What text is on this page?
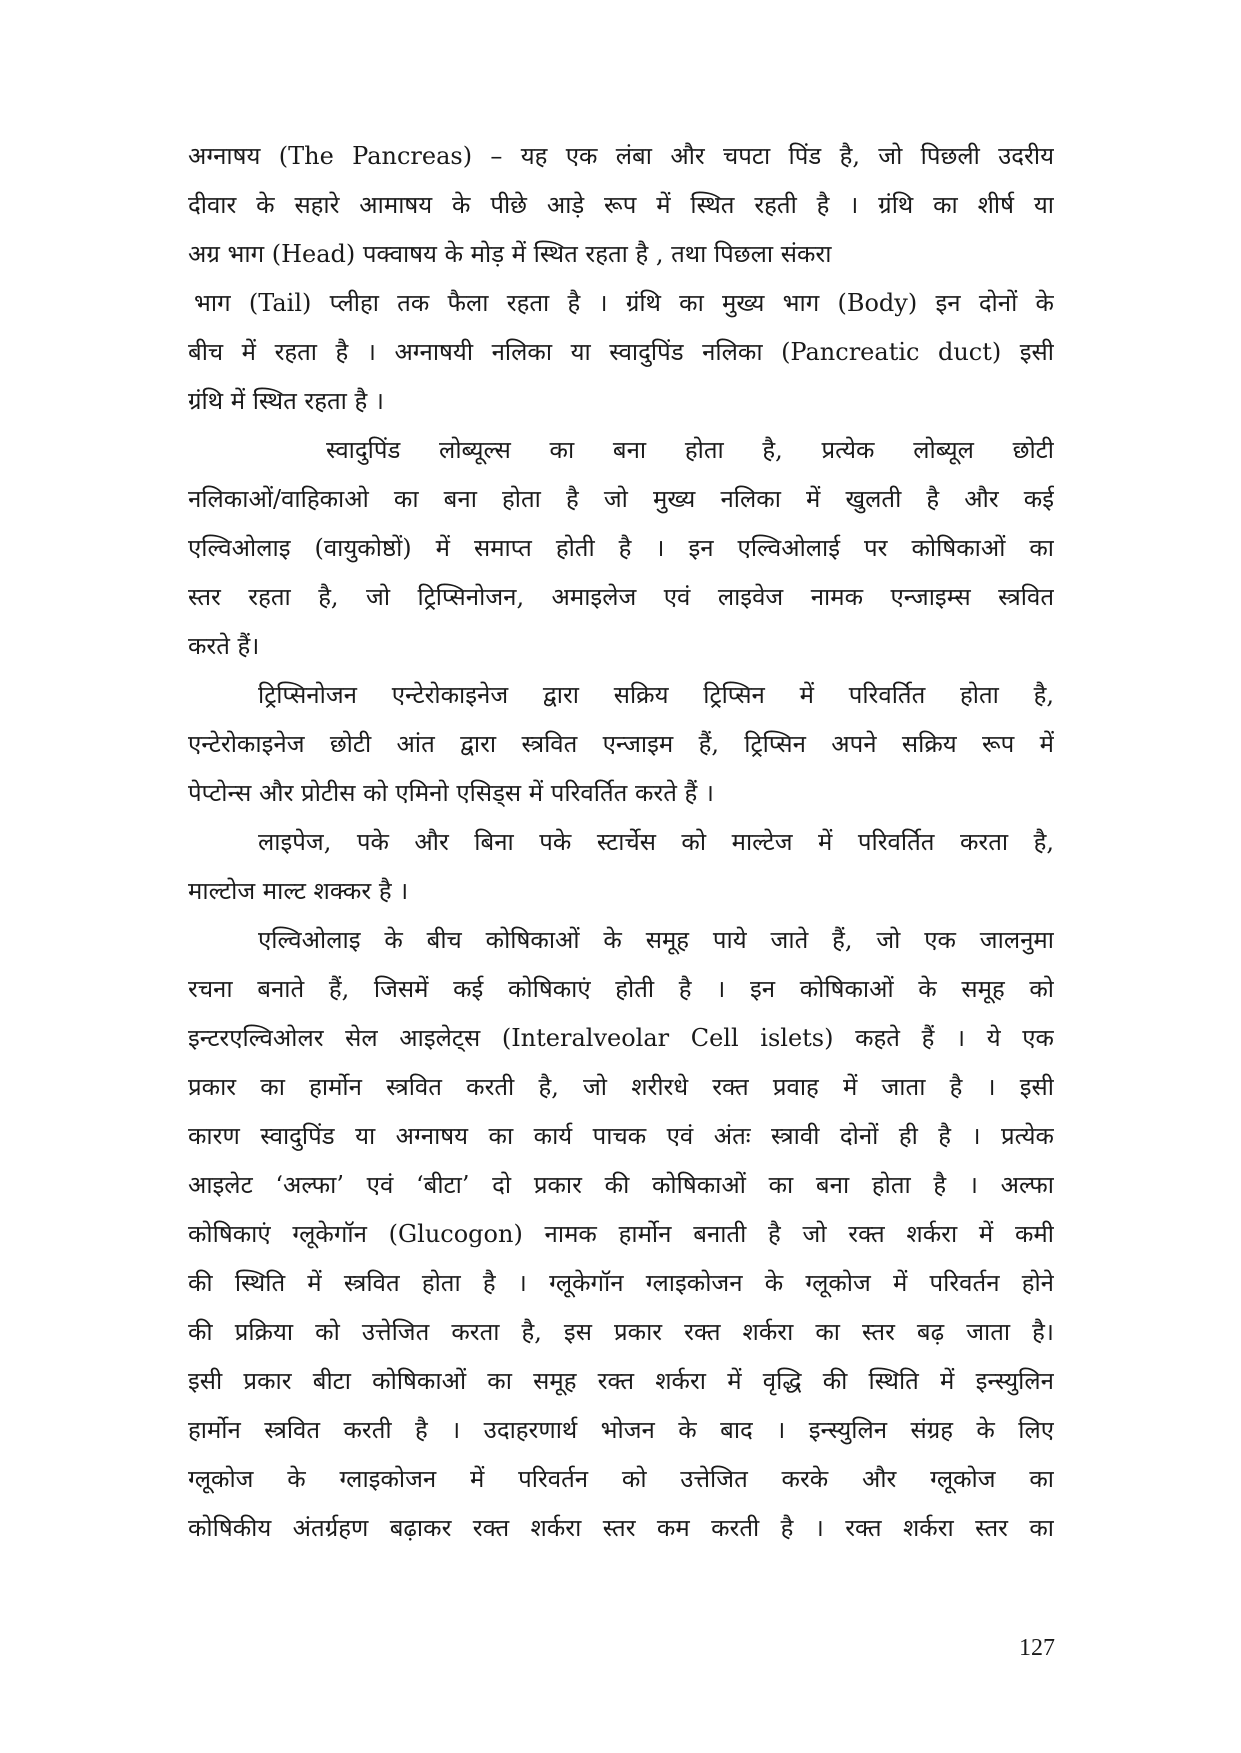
अग्नाषय (The Pancreas) – यह एक लंबा और चपटा पिंड है, जो पिछली उदरीय
दीवार के सहारे आमाषय के पीछे आड़े रूप में स्थित रहती है । ग्रंथि का शीर्ष या
अग्र भाग (Head) पक्वाषय के मोड़ में स्थित रहता है , तथा पिछला संकरा
भाग (Tail) प्लीहा तक फैला रहता है । ग्रंथि का मुख्य भाग (Body) इन दोनों के
बीच में रहता है । अग्नाषयी नलिका या स्वादुपिंड नलिका (Pancreatic duct) इसी
ग्रंथि में स्थित रहता है ।
स्वादुपिंड लोब्यूल्स का बना होता है, प्रत्येक लोब्यूल छोटी
नलिकाओं/वाहिकाओ का बना होता है जो मुख्य नलिका में खुलती है और कई
एल्विओलाइ (वायुकोष्ठों) में समाप्त होती है । इन एल्विओलाई पर कोषिकाओं का
स्तर रहता है, जो ट्रिप्सिनोजन, अमाइलेज एवं लाइवेज नामक एन्जाइम्स स्त्रवित
करते हैं।
ट्रिप्सिनोजन एन्टेरोकाइनेज द्वारा सक्रिय ट्रिप्सिन में परिवर्तित होता है,
एन्टेरोकाइनेज छोटी आंत द्वारा स्त्रवित एन्जाइम हैं, ट्रिप्सिन अपने सक्रिय रूप में
पेप्टोन्स और प्रोटीस को एमिनो एसिड्स में परिवर्तित करते हैं ।
लाइपेज, पके और बिना पके स्टार्चेस को माल्टेज में परिवर्तित करता है,
माल्टोज माल्ट शक्कर है ।
एल्विओलाइ के बीच कोषिकाओं के समूह पाये जाते हैं, जो एक जालनुमा
रचना बनाते हैं, जिसमें कई कोषिकाएं होती है । इन कोषिकाओं के समूह को
इन्टरएल्विओलर सेल आइलेट्स (Interalveolar Cell islets) कहते हैं । ये एक
प्रकार का हार्मोन स्त्रवित करती है, जो शरीरधे रक्त प्रवाह में जाता है । इसी
कारण स्वादुपिंड या अग्नाषय का कार्य पाचक एवं अंतः स्त्रावी दोनों ही है । प्रत्येक
आइलेट ‘अल्फा’ एवं ‘बीटा’ दो प्रकार की कोषिकाओं का बना होता है । अल्फा
कोषिकाएं ग्लूकेगॉन (Glucogon) नामक हार्मोन बनाती है जो रक्त शर्करा में कमी
की स्थिति में स्त्रवित होता है । ग्लूकेगॉन ग्लाइकोजन के ग्लूकोज में परिवर्तन होने
की प्रक्रिया को उत्तेजित करता है, इस प्रकार रक्त शर्करा का स्तर बढ़ जाता है।
इसी प्रकार बीटा कोषिकाओं का समूह रक्त शर्करा में वृद्धि की स्थिति में इन्स्युलिन
हार्मोन स्त्रवित करती है । उदाहरणार्थ भोजन के बाद । इन्स्युलिन संग्रह के लिए
ग्लूकोज के ग्लाइकोजन में परिवर्तन को उत्तेजित करके और ग्लूकोज का
कोषिकीय अंतर्ग्रहण बढ़ाकर रक्त शर्करा स्तर कम करती है । रक्त शर्करा स्तर का
127
